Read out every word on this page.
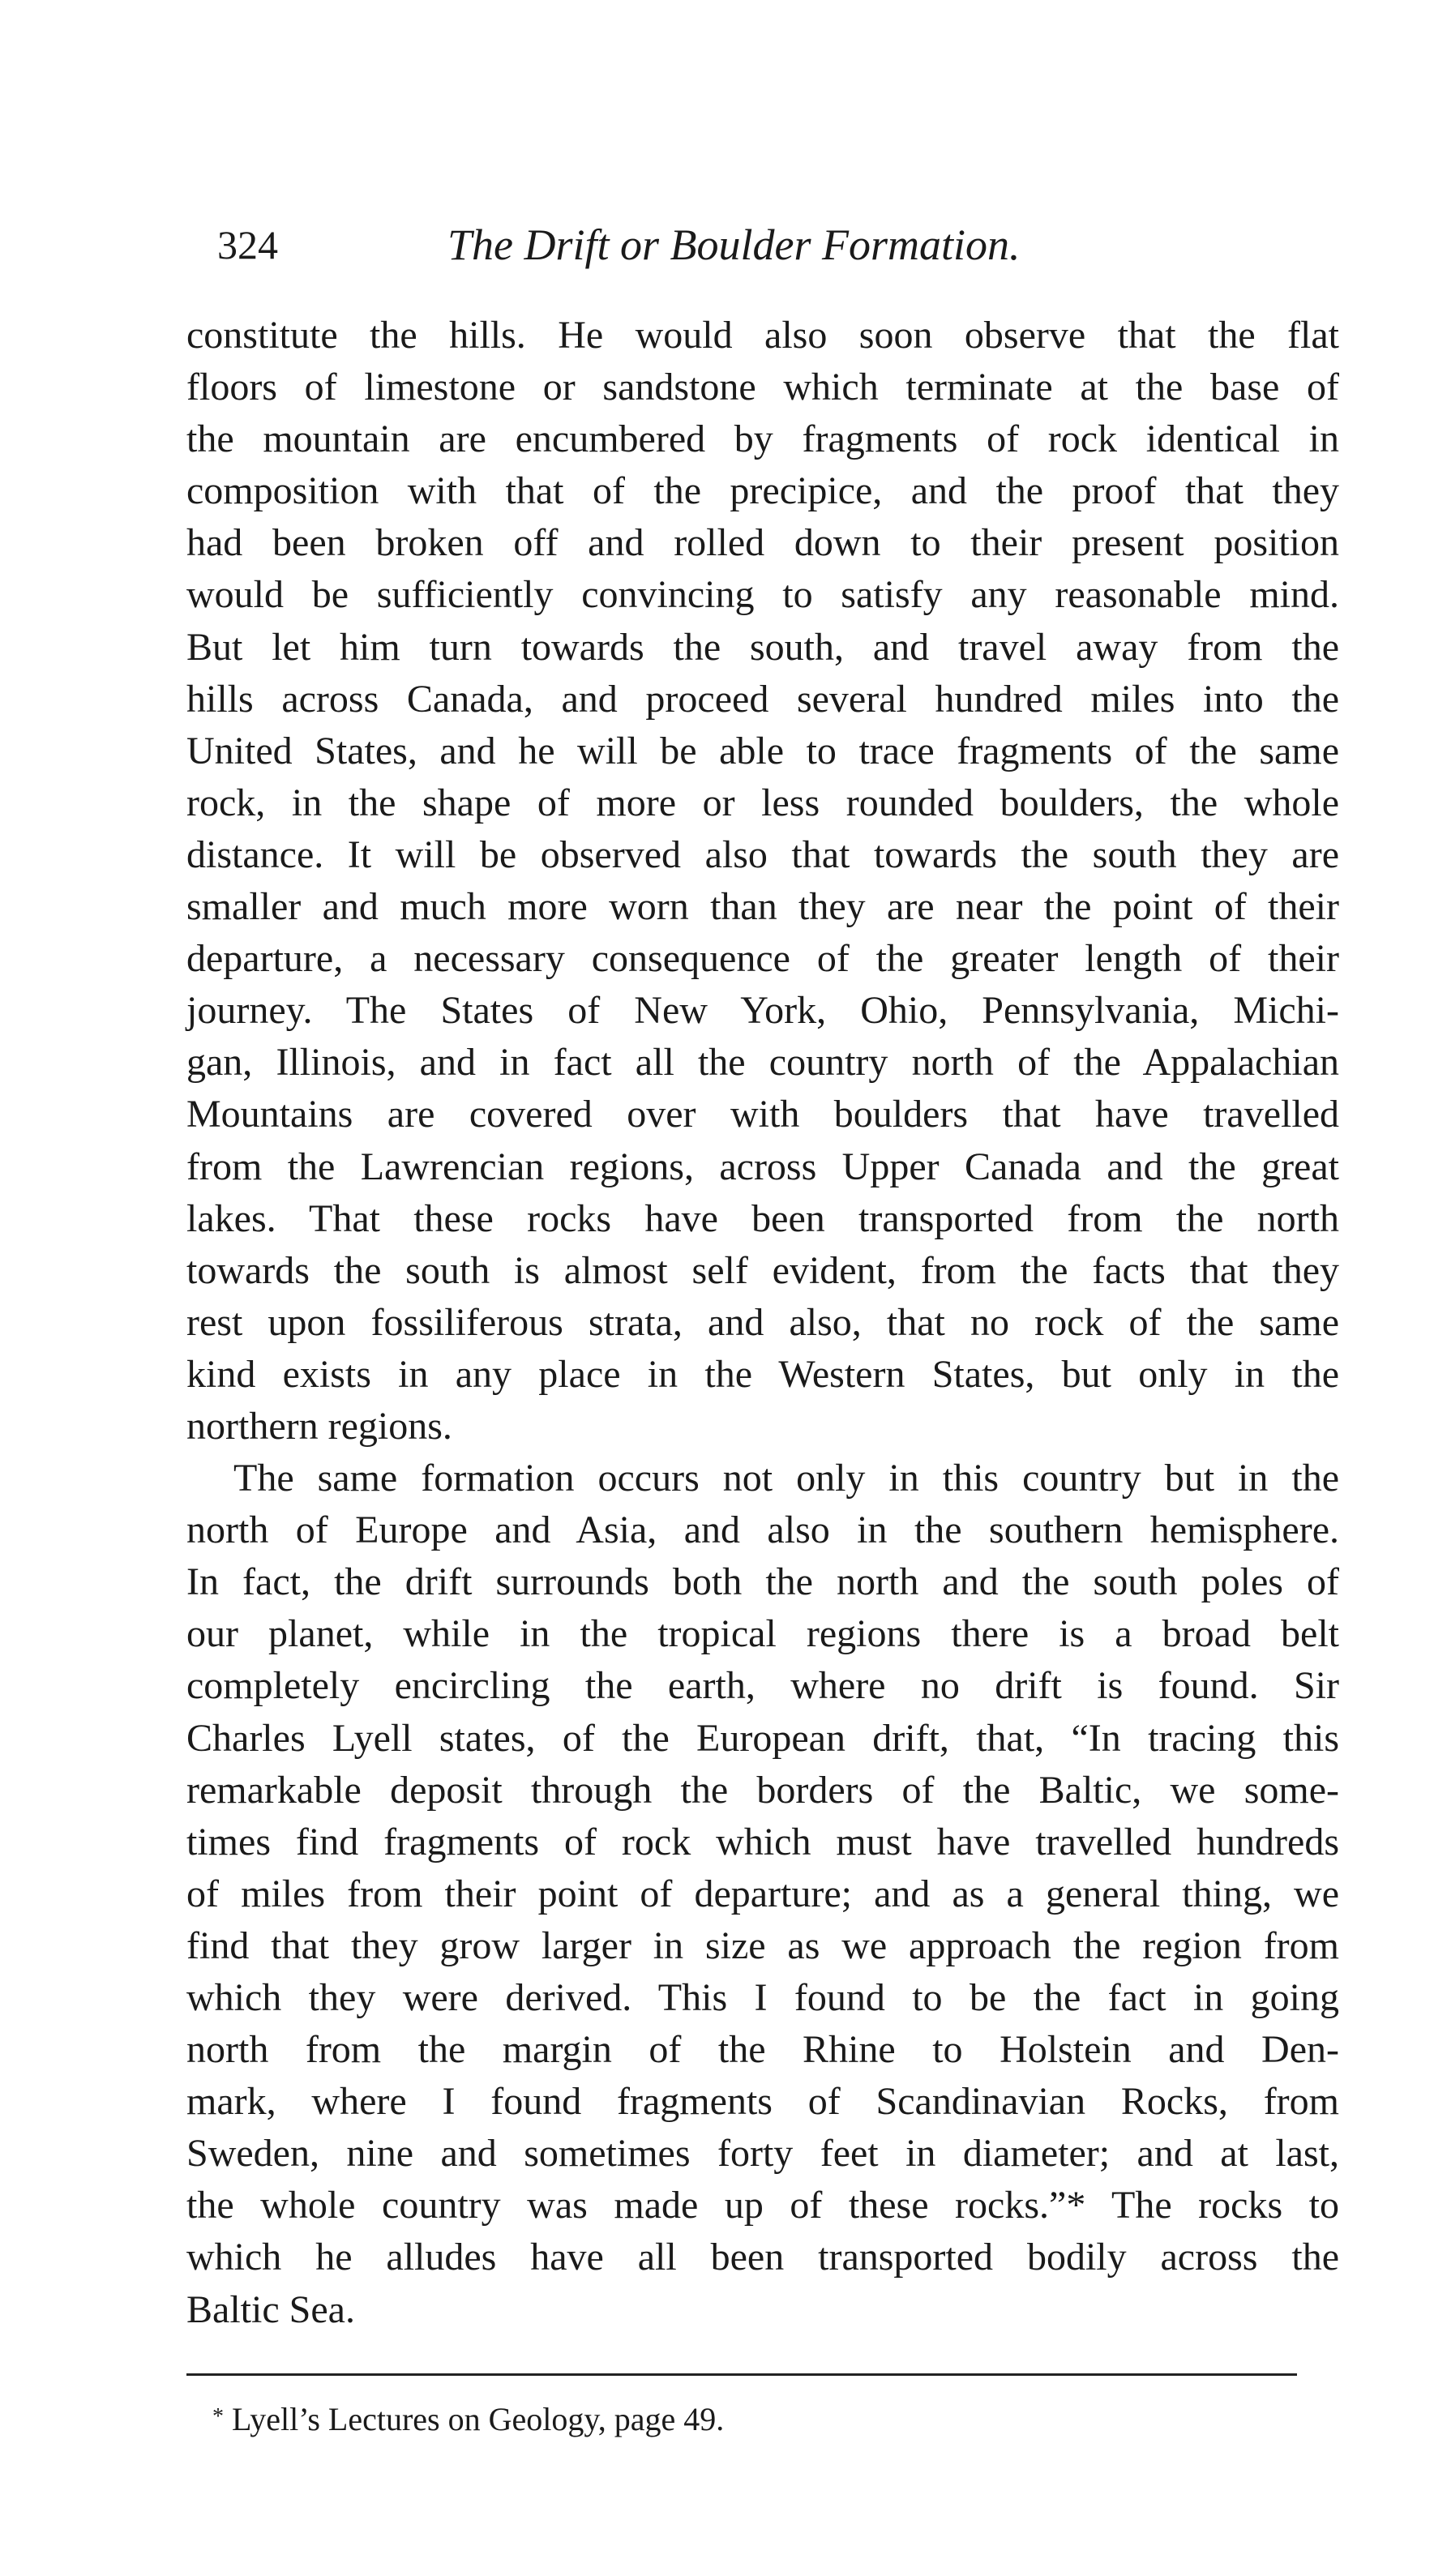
324	The Drift or Boulder Formation.
constitute the hills. He would also soon observe that the flat
floors of limestone or sandstone which terminate at the base of
the mountain are encumbered by fragments of rock identical in
composition with that of the precipice, and the proof that they
had been broken off and rolled down to their present position
would be sufficiently convincing to satisfy any reasonable mind.
But let him turn towards the south, and travel away from the
hills across Canada, and proceed several hundred miles into the
United States, and he will be able to trace fragments of the same
rock, in the shape of more or less rounded boulders, the whole
distance. It will be observed also that towards the south they are
smaller and much more worn than they are near the point of their
departure, a necessary consequence of the greater length of their
journey. The States of New York, Ohio, Pennsylvania, Michi-
gan, Illinois, and in fact all the country north of the Appalachian
Mountains are covered over with boulders that have travelled
from the Lawrencian regions, across Upper Canada and the great
lakes. That these rocks have been transported from the north
towards the south is almost self evident, from the facts that they
rest upon fossiliferous strata, and also, that no rock of the same
kind exists in any place in the Western States, but only in the
northern regions.
The same formation occurs not only in this country but in the
north of Europe and Asia, and also in the southern hemisphere.
In fact, the drift surrounds both the north and the south poles of
our planet, while in the tropical regions there is a broad belt
completely encircling the earth, where no drift is found. Sir
Charles Lyell states, of the European drift, that, “In tracing this
remarkable deposit through the borders of the Baltic, we some-
times find fragments of rock which must have travelled hundreds
of miles from their point of departure; and as a general thing, we
find that they grow larger in size as we approach the region from
which they were derived. This I found to be the fact in going
north from the margin of the Rhine to Holstein and Den-
mark, where I found fragments of Scandinavian Rocks, from
Sweden, nine and sometimes forty feet in diameter; and at last,
the whole country was made up of these rocks.”* The rocks to
which he alludes have all been transported bodily across the
Baltic Sea.
* Lyell’s Lectures on Geology, page 49.
